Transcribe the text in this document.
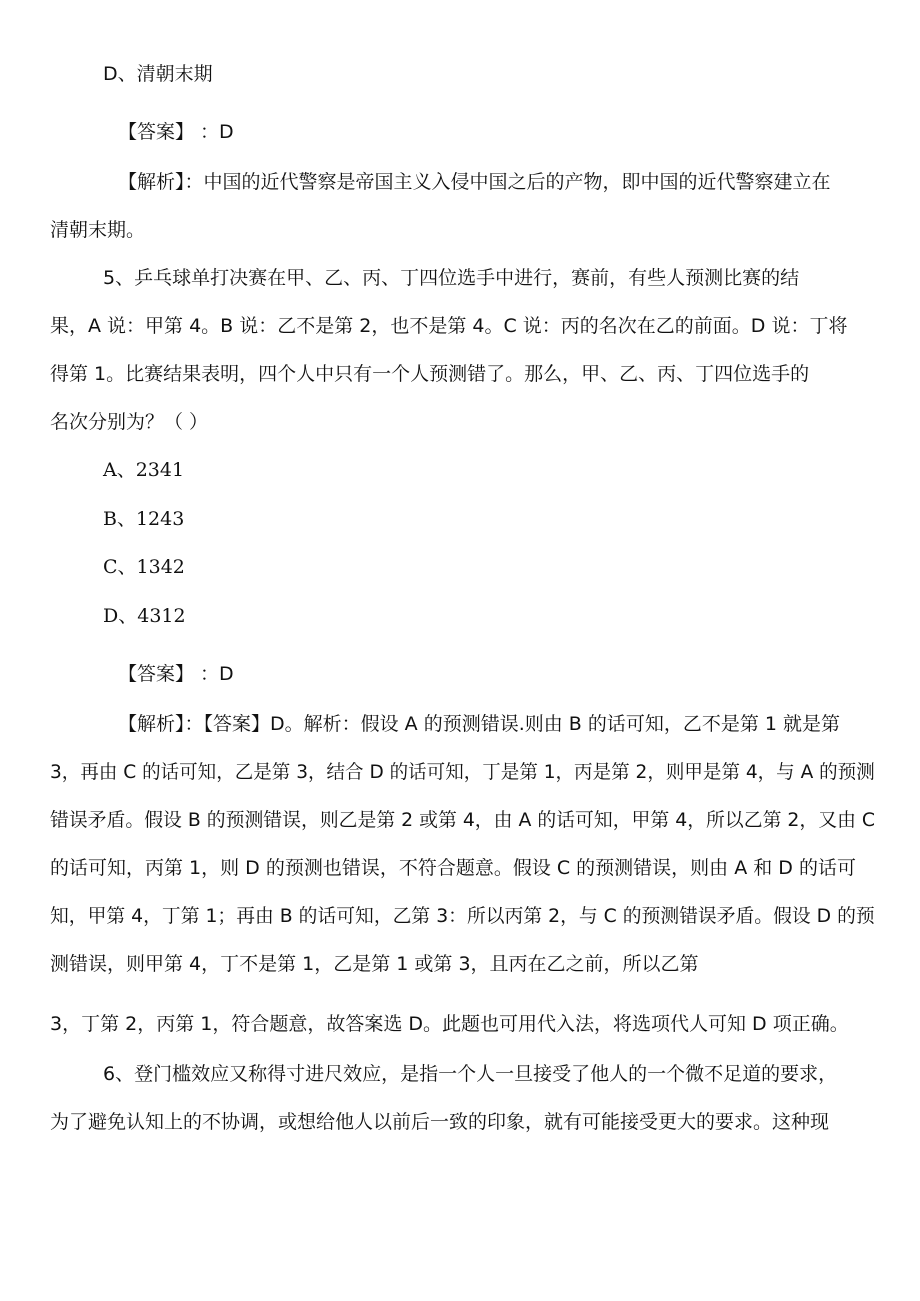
D、清朝末期
【答案】 ：D
【解析】：中国的近代警察是帝国主义入侵中国之后的产物，即中国的近代警察建立在
清朝末期。
5、乒乓球单打决赛在甲、乙、丙、丁四位选手中进行，赛前，有些人预测比赛的结
果，A 说：甲第 4。B 说：乙不是第 2，也不是第 4。C 说：丙的名次在乙的前面。D 说：丁将
得第 1。比赛结果表明，四个人中只有一个人预测错了。那么，甲、乙、丙、丁四位选手的
名次分别为？（ ）
A、2341
B、1243
C、1342
D、4312
【答案】 ：D
【解析】：【答案】D。解析：假设 A 的预测错误.则由 B 的话可知，乙不是第 1 就是第
3，再由 C 的话可知，乙是第 3，结合 D 的话可知，丁是第 1，丙是第 2，则甲是第 4，与 A 的预测
错误矛盾。假设 B 的预测错误，则乙是第 2 或第 4，由 A 的话可知，甲第 4，所以乙第 2，又由 C
的话可知，丙第 1，则 D 的预测也错误，不符合题意。假设 C 的预测错误，则由 A 和 D 的话可
知，甲第 4，丁第 1；再由 B 的话可知，乙第 3：所以丙第 2，与 C 的预测错误矛盾。假设 D 的预
测错误，则甲第 4，丁不是第 1，乙是第 1 或第 3，且丙在乙之前，所以乙第
3，丁第 2，丙第 1，符合题意，故答案选 D。此题也可用代入法，将选项代人可知 D 项正确。
6、登门槛效应又称得寸进尺效应，是指一个人一旦接受了他人的一个微不足道的要求，
为了避免认知上的不协调，或想给他人以前后一致的印象，就有可能接受更大的要求。这种现
